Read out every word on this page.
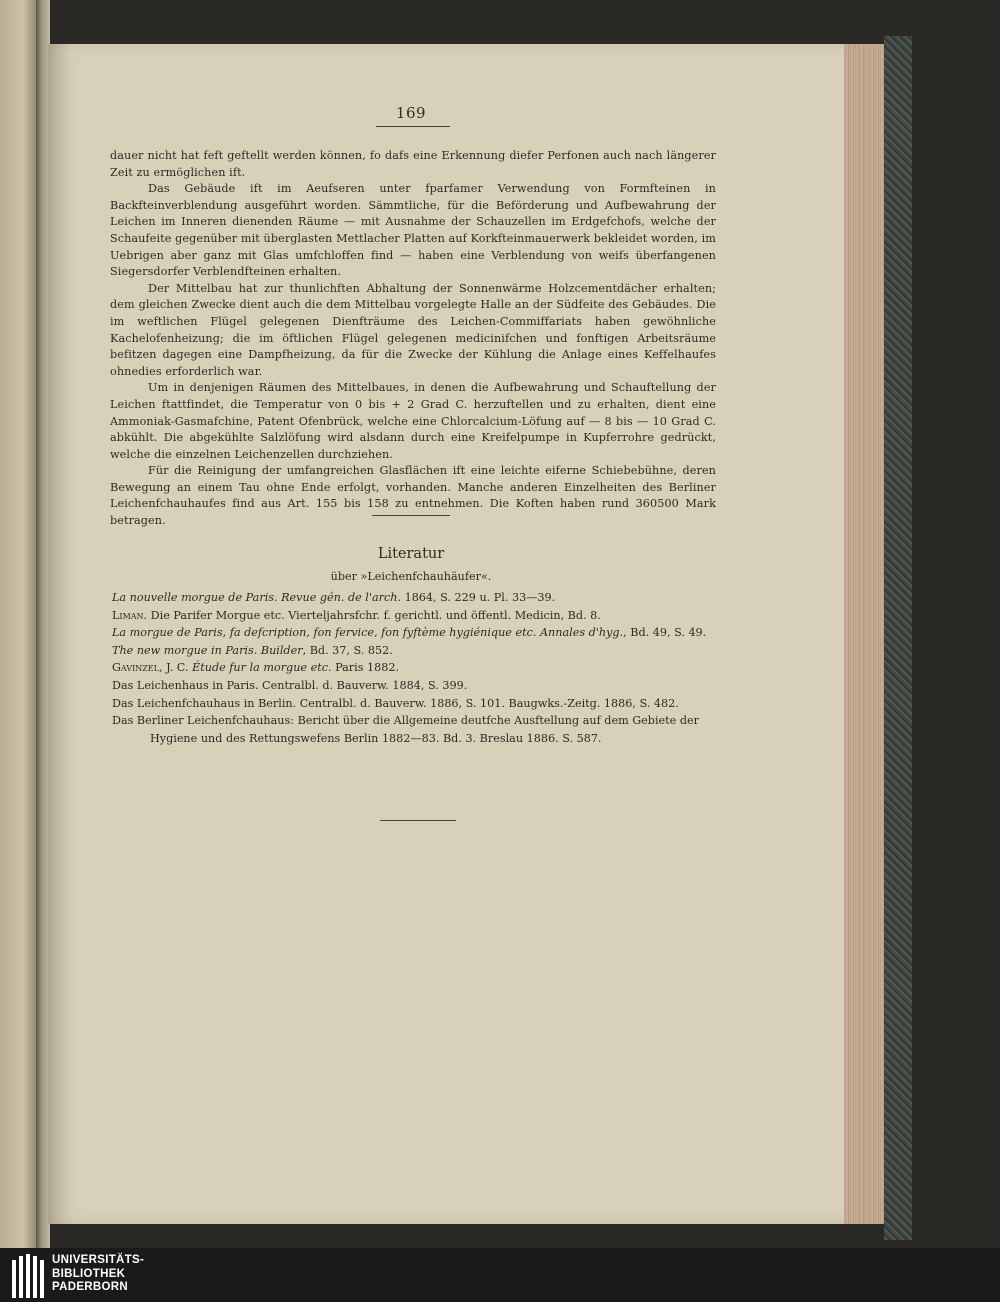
169

dauer nicht hat feft geftellt werden können, fo dafs eine Erkennung diefer Perfonen auch nach längerer Zeit zu ermöglichen ift.

Das Gebäude ift im Aeufseren unter fparfamer Verwendung von Formfteinen in Backfteinverblendung ausgeführt worden. Sämmtliche, für die Beförderung und Aufbewahrung der Leichen im Inneren dienenden Räume — mit Ausnahme der Schauzellen im Erdgefchofs, welche der Schaufeite gegenüber mit überglasten Mettlacher Platten auf Korkfteinmauerwerk bekleidet worden, im Uebrigen aber ganz mit Glas umfchloffen find — haben eine Verblendung von weifs überfangenen Siegersdorfer Verblendfteinen erhalten.

Der Mittelbau hat zur thunlichften Abhaltung der Sonnenwärme Holzcementdächer erhalten; dem gleichen Zwecke dient auch die dem Mittelbau vorgelegte Halle an der Südfeite des Gebäudes. Die im weftlichen Flügel gelegenen Dienfträume des Leichen-Commiffariats haben gewöhnliche Kachelofenheizung; die im öftlichen Flügel gelegenen medicinifchen und fonftigen Arbeitsräume befitzen dagegen eine Dampfheizung, da für die Zwecke der Kühlung die Anlage eines Keffelhaufes ohnedies erforderlich war.

Um in denjenigen Räumen des Mittelbaues, in denen die Aufbewahrung und Schauftellung der Leichen ftattfindet, die Temperatur von 0 bis + 2 Grad C. herzuftellen und zu erhalten, dient eine Ammoniak-Gasmafchine, Patent Ofenbrück, welche eine Chlorcalcium-Löfung auf — 8 bis — 10 Grad C. abkühlt. Die abgekühlte Salzlöfung wird alsdann durch eine Kreifelpumpe in Kupferrohre gedrückt, welche die einzelnen Leichenzellen durchziehen.

Für die Reinigung der umfangreichen Glasflächen ift eine leichte eiferne Schiebebühne, deren Bewegung an einem Tau ohne Ende erfolgt, vorhanden. Manche anderen Einzelheiten des Berliner Leichenfchauhaufes find aus Art. 155 bis 158 zu entnehmen. Die Koften haben rund 360500 Mark betragen.

Literatur
über »Leichenfchauhäufer«.
La nouvelle morgue de Paris. Revue gén. de l'arch. 1864, S. 229 u. Pl. 33—39.
Liman. Die Parifer Morgue etc. Vierteljahrsfchr. f. gerichtl. und öffentl. Medicin, Bd. 8.
La morgue de Paris, fa defcription, fon fervice, fon fyftème hygiénique etc. Annales d'hyg., Bd. 49, S. 49.
The new morgue in Paris. Builder, Bd. 37, S. 852.
Gavinzel, J. C. Étude fur la morgue etc. Paris 1882.
Das Leichenhaus in Paris. Centralbl. d. Bauverw. 1884, S. 399.
Das Leichenfchauhaus in Berlin. Centralbl. d. Bauverw. 1886, S. 101. Baugwks.-Zeitg. 1886, S. 482.
Das Berliner Leichenfchauhaus: Bericht über die Allgemeine deutfche Ausftellung auf dem Gebiete der
Hygiene und des Rettungswefens Berlin 1882—83. Bd. 3. Breslau 1886. S. 587.
UNIVERSITÄTS-
BIBLIOTHEK
PADERBORN
